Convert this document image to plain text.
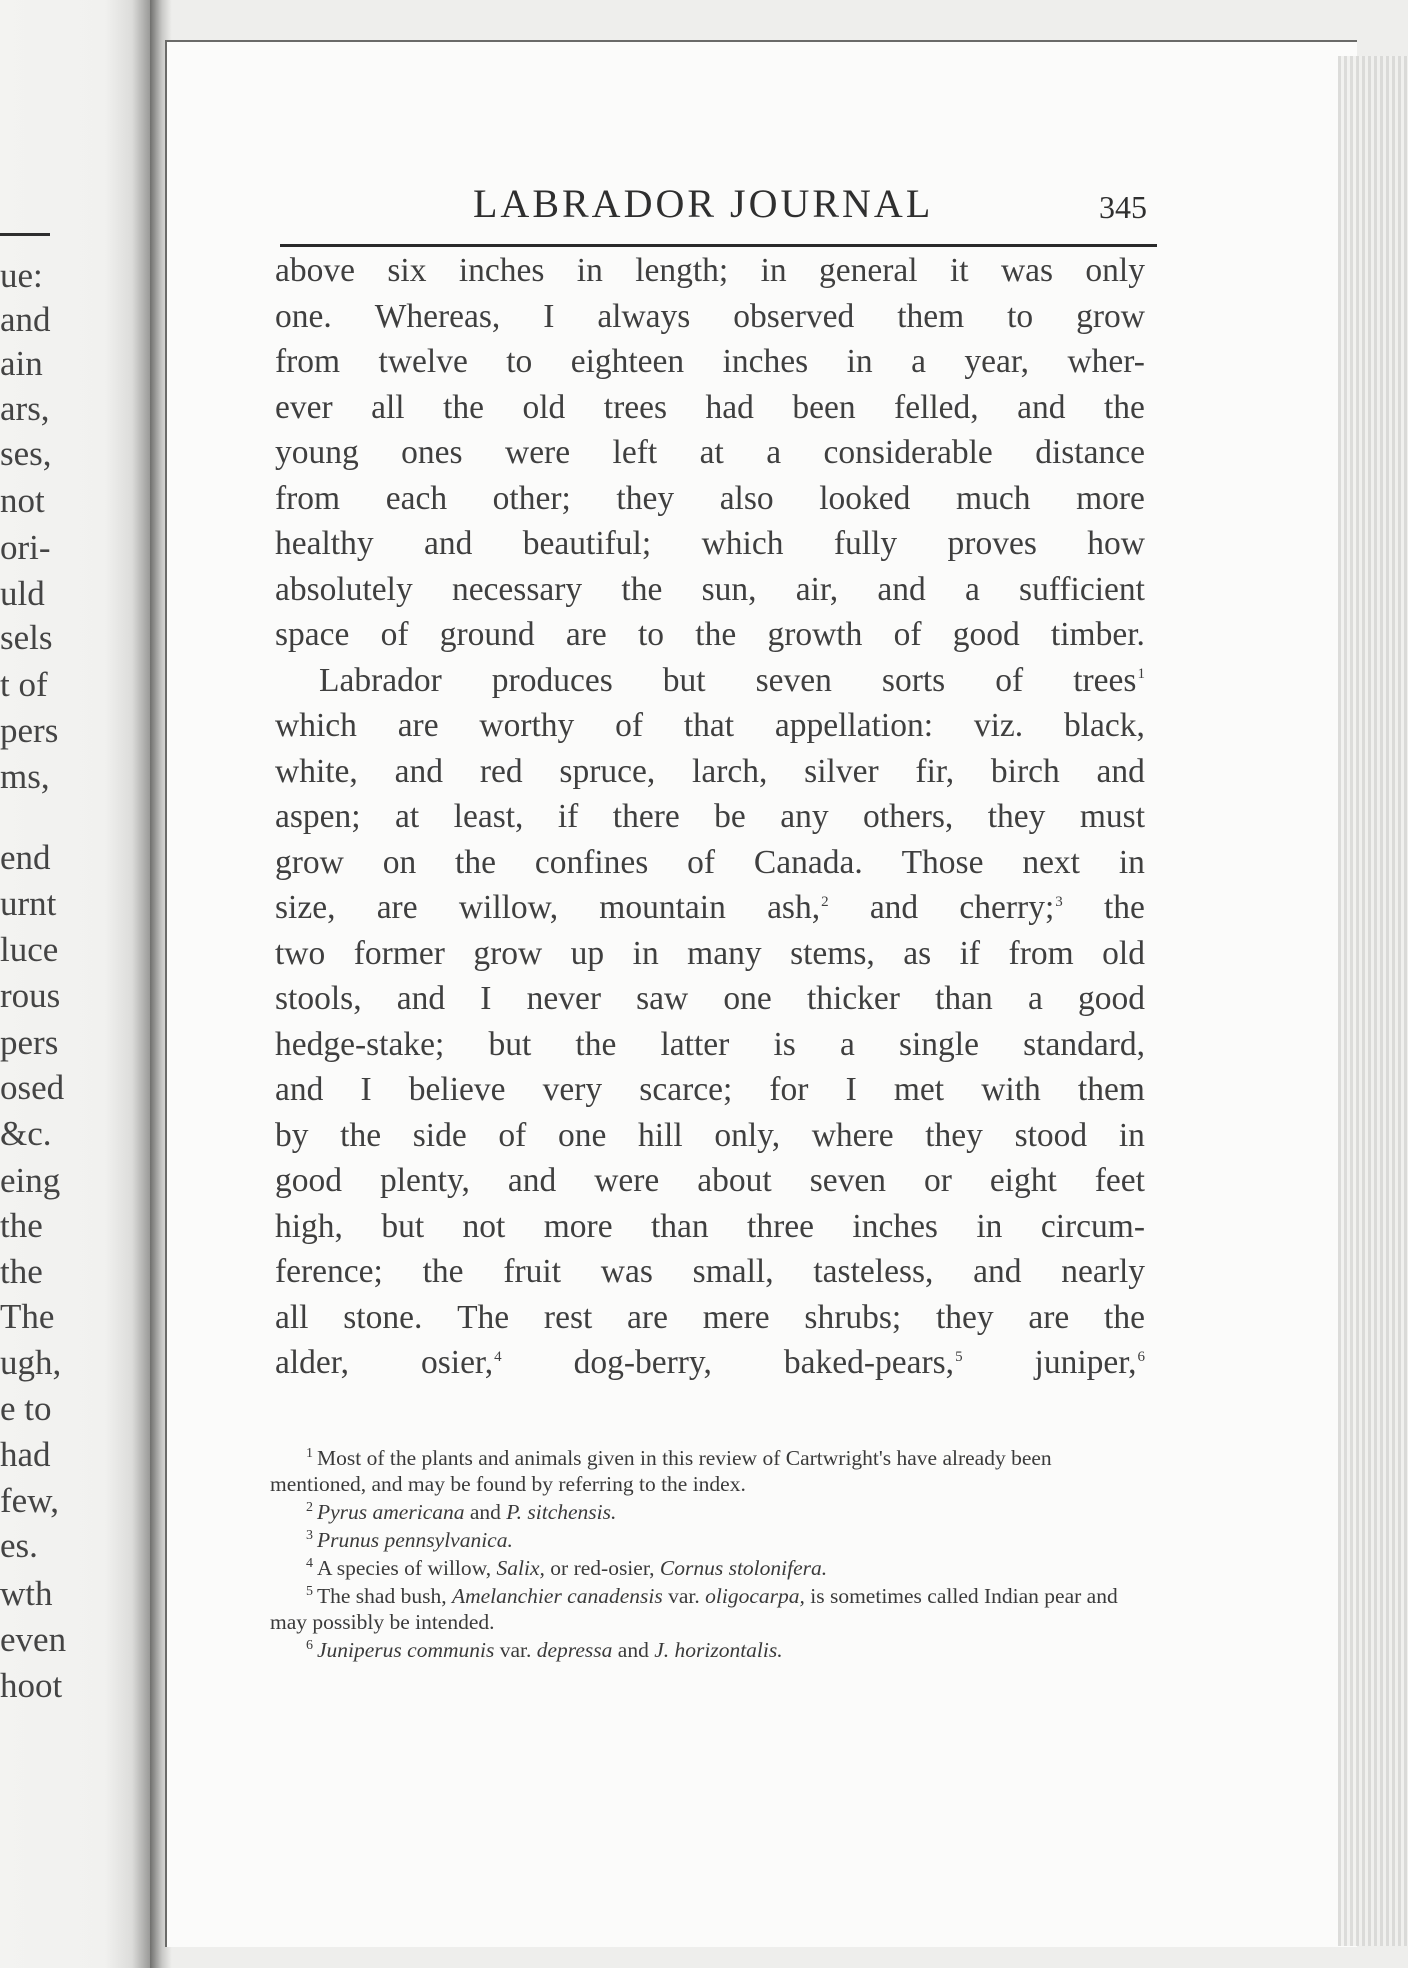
ue:
and
ain
ars,
ses,
not
ori-
uld
sels
t of
pers
ms,
end
urnt
luce
rous
pers
osed
&c.
eing
the
the
The
ugh,
e to
had
few,
es.
wth
even
hoot
LABRADOR JOURNAL	345
above six inches in length; in general it was only
one. Whereas, I always observed them to grow
from twelve to eighteen inches in a year, wher-
ever all the old trees had been felled, and the
young ones were left at a considerable distance
from each other; they also looked much more
healthy and beautiful; which fully proves how
absolutely necessary the sun, air, and a sufficient
space of ground are to the growth of good timber.
Labrador produces but seven sorts of trees$^1$
which are worthy of that appellation: viz. black,
white, and red spruce, larch, silver fir, birch and
aspen; at least, if there be any others, they must
grow on the confines of Canada. Those next in
size, are willow, mountain ash,$^2$ and cherry;$^3$ the
two former grow up in many stems, as if from old
stools, and I never saw one thicker than a good
hedge-stake; but the latter is a single standard,
and I believe very scarce; for I met with them
by the side of one hill only, where they stood in
good plenty, and were about seven or eight feet
high, but not more than three inches in circum-
ference; the fruit was small, tasteless, and nearly
all stone. The rest are mere shrubs; they are the
alder, osier,$^4$ dog-berry, baked-pears,$^5$ juniper,$^6$
$^1$ Most of the plants and animals given in this review of Cartwright's have already been mentioned, and may be found by referring to the index.
$^2$ Pyrus americana and P. sitchensis.
$^3$ Prunus pennsylvanica.
$^4$ A species of willow, Salix, or red-osier, Cornus stolonifera.
$^5$ The shad bush, Amelanchier canadensis var. oligocarpa, is sometimes called Indian pear and may possibly be intended.
$^6$ Juniperus communis var. depressa and J. horizontalis.
